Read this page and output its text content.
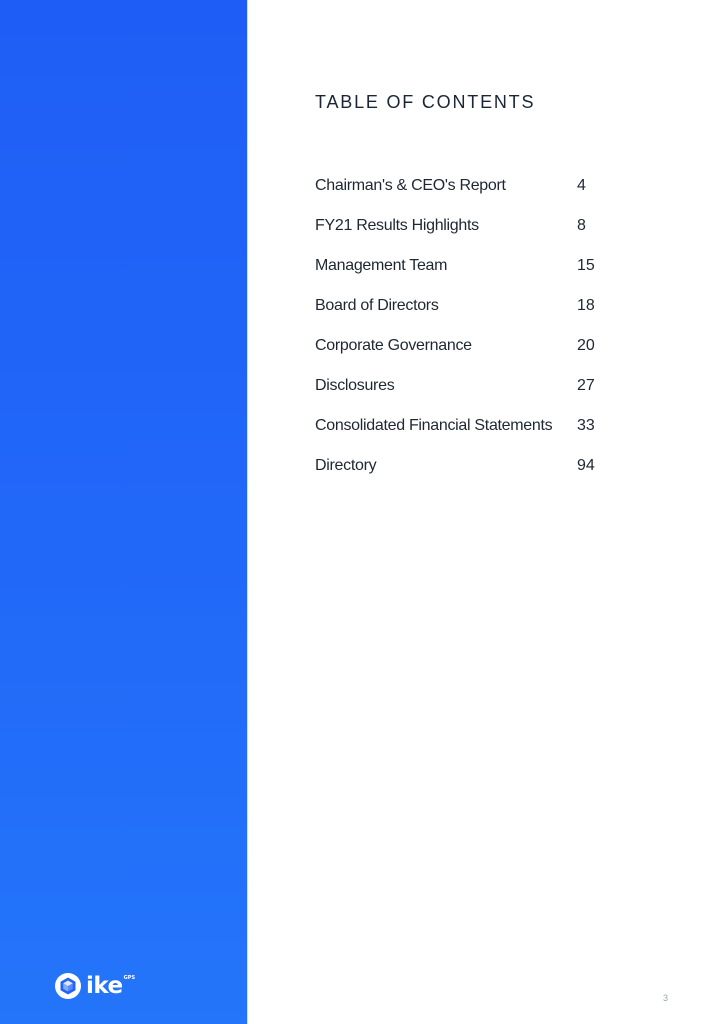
ike GPS
TABLE OF CONTENTS
Chairman's & CEO's Report	4
FY21 Results Highlights	8
Management Team	15
Board of Directors	18
Corporate Governance	20
Disclosures	27
Consolidated Financial Statements 33
Directory	94
3
